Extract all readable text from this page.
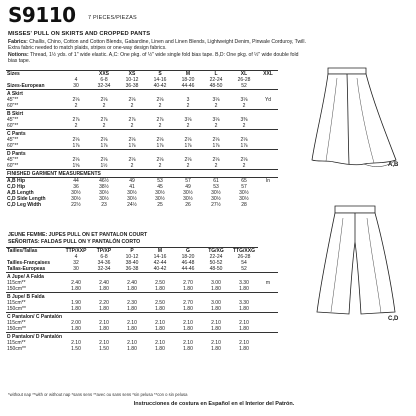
S9110 7 PIECES/PIEZAS
MISSES' PULL ON SKIRTS AND CROPPED PANTS
Fabrics: Challis, Chino, Cotton and Cotton Blends, Gabardine, Linen and Linen Blends, Lightweight Denim, Pinwale Corduroy, Twill. Extra fabric needed to match plaids, stripes or one-way design fabrics.
Notions: Thread, 1½ yds. of 1" wide elastic. A,C: One pkg. of ½" wide single fold bias tape. B,D: One pkg. of ½" wide double fold bias tape.
Sizes		XXS	XS	S	M	L	XL	XXL
	4	6-8	10-12	14-16	18-20	22-24	26-28	
Sizes-European	30	32-34	36-38	40-42	44-46	48-50	52	
A Skirt								
45"**	2⅛	2⅛	2⅛	2⅛	3	3⅛	3⅛	Yd
60"**	2	2	2	2	2	2	2	
B Skirt								
45"**	2⅞	2⅞	2⅞	2⅞	3⅛	3⅛	3⅜	
60"**	2	2	2	2	2	2	2	
C Pants								
45"**	2⅛	2⅛	2⅛	2⅛	2⅛	2⅛	2⅛	
60"**	1⅞	1⅞	1⅞	1⅞	1⅞	1⅞	1⅞	
D Pants								
45"**	2⅛	2⅛	2⅛	2⅛	2⅛	2⅛	2⅛	
60"**	1⅝	1½	2	2	2	2	2	
FINISHED GARMENT MEASUREMENTS								
A,B Hip	44	46½	49	53	57	61	65	In
C,D Hip	36	38½	41	45	49	53	57	
A,B Length	30½	30½	30½	30½	30½	30½	30½	
C,D Side Length	30½	30½	30½	30½	30½	30½	30½	
C,D Leg Width	22½	23	24½	25	26	27½	28	
JEUNE FEMME: JUPES PULL ON ET PANTALON COURT
SEÑORITAS: FALDAS PULL ON Y PANTALÓN CORTO
Tailles/Tallas	TTP/XXP	TP/XP	P	M	G	TG/XG	TTG/XXG	
	4	6-8	10-12	14-16	18-20	22-24	26-28	
Tailles-Françaises	32	34-36	38-40	42-44	46-48	50-52	54	
Tallas-Europeas	30	32-34	36-38	40-42	44-46	48-50	52	
A Jupe/ A Falda								
115cm**	2.40	2.40	2.40	2.50	2.70	3.00	3.30	m
150cm**	1.80	1.80	1.80	1.80	1.80	1.80	1.80	
B Jupe/ B Falda								
115cm**	1.90	2.20	2.30	2.50	2.70	3.00	3.30	
150cm**	1.80	1.80	1.80	1.80	1.80	1.80	1.80	
C Pantalon/ C Pantalón								
115cm**	2.00	2.10	2.10	2.10	2.10	2.10	2.10	
150cm**	1.80	1.80	1.80	1.80	1.80	1.80	1.80	
D Pantalon/ D Pantalón								
115cm**	2.10	2.10	2.10	2.10	2.10	2.10	2.10	
150cm**	1.50	1.50	1.80	1.80	1.80	1.80	1.80	
*without nap **with or without nap *sans sens **avec ou sans sens *sin pelusa **con o sin pelusa
Instrucciones de costura en Español en el Interior del Patrón.
A,B
C,D
